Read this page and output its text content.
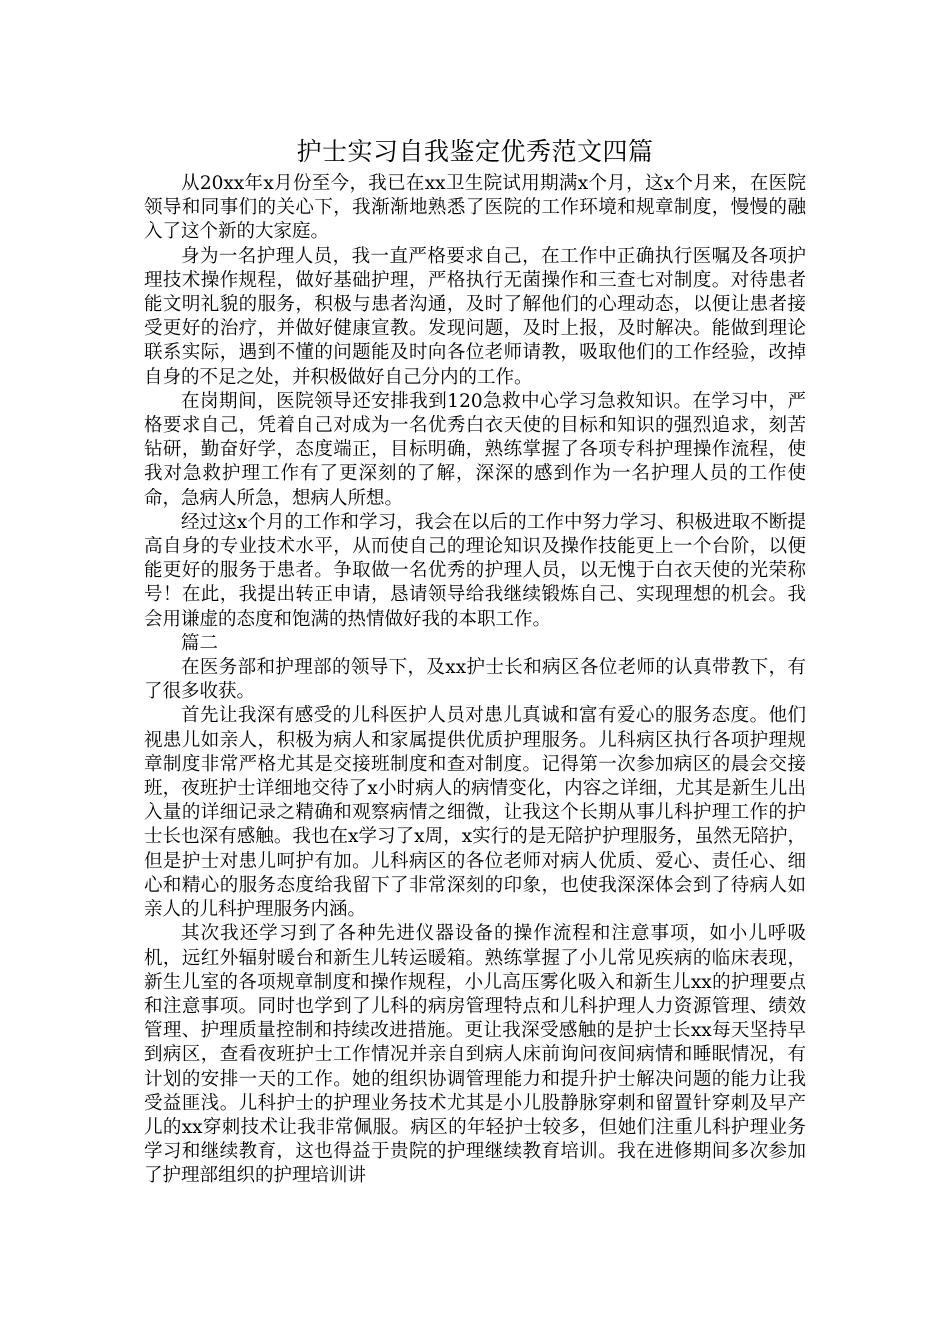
护士实习自我鉴定优秀范文四篇

从20xx年x月份至今，我已在xx卫生院试用期满x个月，这x个月来，在医院领导和同事们的关心下，我渐渐地熟悉了医院的工作环境和规章制度，慢慢的融入了这个新的大家庭。

身为一名护理人员，我一直严格要求自己，在工作中正确执行医嘱及各项护理技术操作规程，做好基础护理，严格执行无菌操作和三查七对制度。对待患者能文明礼貌的服务，积极与患者沟通，及时了解他们的心理动态，以便让患者接受更好的治疗，并做好健康宣教。发现问题，及时上报，及时解决。能做到理论联系实际，遇到不懂的问题能及时向各位老师请教，吸取他们的工作经验，改掉自身的不足之处，并积极做好自己分内的工作。

在岗期间，医院领导还安排我到120急救中心学习急救知识。在学习中，严格要求自己，凭着自己对成为一名优秀白衣天使的目标和知识的强烈追求，刻苦钻研，勤奋好学，态度端正，目标明确，熟练掌握了各项专科护理操作流程，使我对急救护理工作有了更深刻的了解，深深的感到作为一名护理人员的工作使命，急病人所急，想病人所想。

经过这x个月的工作和学习，我会在以后的工作中努力学习、积极进取不断提高自身的专业技术水平，从而使自己的理论知识及操作技能更上一个台阶，以便能更好的服务于患者。争取做一名优秀的护理人员，以无愧于白衣天使的光荣称号！在此，我提出转正申请，恳请领导给我继续锻炼自己、实现理想的机会。我会用谦虚的态度和饱满的热情做好我的本职工作。

篇二

在医务部和护理部的领导下，及xx护士长和病区各位老师的认真带教下，有了很多收获。

首先让我深有感受的儿科医护人员对患儿真诚和富有爱心的服务态度。他们视患儿如亲人，积极为病人和家属提供优质护理服务。儿科病区执行各项护理规章制度非常严格尤其是交接班制度和查对制度。记得第一次参加病区的晨会交接班，夜班护士详细地交待了x小时病人的病情变化，内容之详细，尤其是新生儿出入量的详细记录之精确和观察病情之细微，让我这个长期从事儿科护理工作的护士长也深有感触。我也在x学习了x周，x实行的是无陪护护理服务，虽然无陪护，但是护士对患儿呵护有加。儿科病区的各位老师对病人优质、爱心、责任心、细心和精心的服务态度给我留下了非常深刻的印象，也使我深深体会到了待病人如亲人的儿科护理服务内涵。

其次我还学习到了各种先进仪器设备的操作流程和注意事项，如小儿呼吸机，远红外辐射暖台和新生儿转运暖箱。熟练掌握了小儿常见疾病的临床表现，新生儿室的各项规章制度和操作规程，小儿高压雾化吸入和新生儿xx的护理要点和注意事项。同时也学到了儿科的病房管理特点和儿科护理人力资源管理、绩效管理、护理质量控制和持续改进措施。更让我深受感触的是护士长xx每天坚持早到病区，查看夜班护士工作情况并亲自到病人床前询问夜间病情和睡眠情况，有计划的安排一天的工作。她的组织协调管理能力和提升护士解决问题的能力让我受益匪浅。儿科护士的护理业务技术尤其是小儿股静脉穿刺和留置针穿刺及早产儿的xx穿刺技术让我非常佩服。病区的年轻护士较多，但她们注重儿科护理业务学习和继续教育，这也得益于贵院的护理继续教育培训。我在进修期间多次参加了护理部组织的护理培训讲
